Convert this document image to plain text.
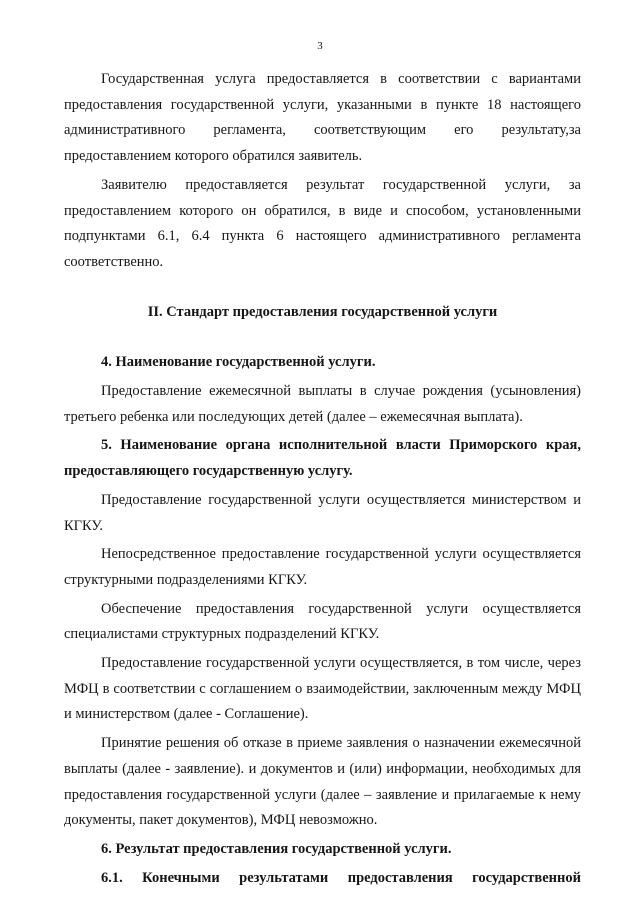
3

Государственная услуга предоставляется в соответствии с вариантами предоставления государственной услуги, указанными в пункте 18 настоящего административного регламента, соответствующим его результату,за предоставлением которого обратился заявитель.

Заявителю предоставляется результат государственной услуги, за предоставлением которого он обратился, в виде и способом, установленными подпунктами 6.1, 6.4 пункта 6 настоящего административного регламента соответственно.

II. Стандарт предоставления государственной услуги

4. Наименование государственной услуги.

Предоставление ежемесячной выплаты в случае рождения (усыновления) третьего ребенка или последующих детей (далее – ежемесячная выплата).

5. Наименование органа исполнительной власти Приморского края, предоставляющего государственную услугу.

Предоставление государственной услуги осуществляется министерством и КГКУ.

Непосредственное предоставление государственной услуги осуществляется структурными подразделениями КГКУ.

Обеспечение предоставления государственной услуги осуществляется специалистами структурных подразделений КГКУ.

Предоставление государственной услуги осуществляется, в том числе, через МФЦ в соответствии с соглашением о взаимодействии, заключенным между МФЦ и министерством (далее - Соглашение).

Принятие решения об отказе в приеме заявления о назначении ежемесячной выплаты (далее - заявление). и документов и (или) информации, необходимых для предоставления государственной услуги (далее – заявление и прилагаемые к нему документы, пакет документов), МФЦ невозможно.

6. Результат предоставления государственной услуги.

6.1. Конечными результатами предоставления государственной
